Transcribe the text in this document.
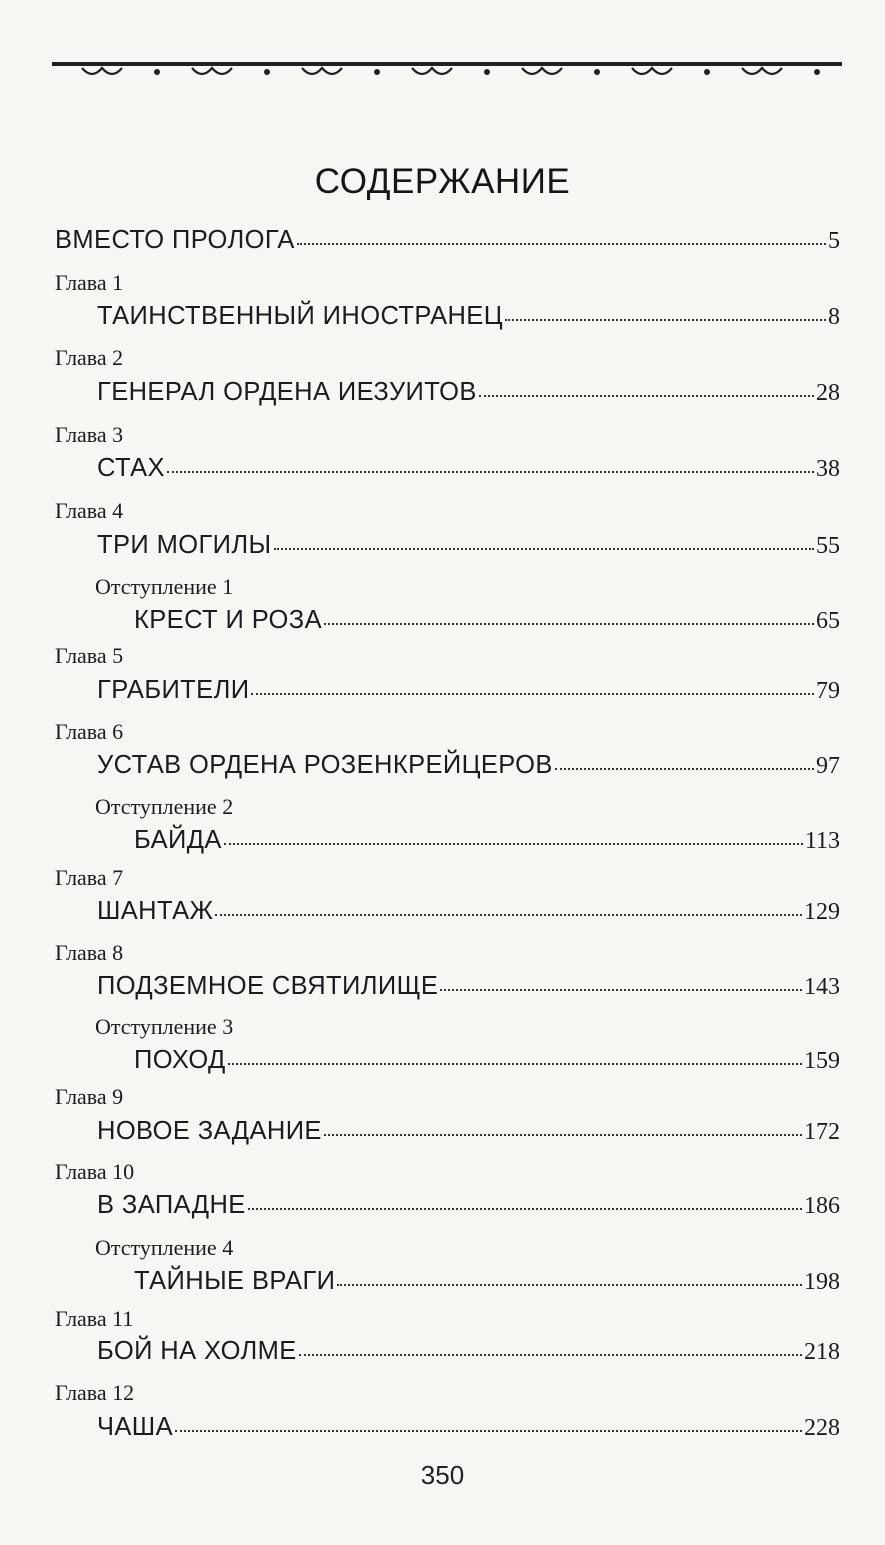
СОДЕРЖАНИЕ
ВМЕСТО ПРОЛОГА	5
Глава 1
ТАИНСТВЕННЫЙ ИНОСТРАНЕЦ	8
Глава 2
ГЕНЕРАЛ ОРДЕНА ИЕЗУИТОВ	28
Глава 3
СТАХ	38
Глава 4
ТРИ МОГИЛЫ	55
Отступление 1
КРЕСТ И РОЗА	65
Глава 5
ГРАБИТЕЛИ	79
Глава 6
УСТАВ ОРДЕНА РОЗЕНКРЕЙЦЕРОВ	97
Отступление 2
БАЙДА	113
Глава 7
ШАНТАЖ	129
Глава 8
ПОДЗЕМНОЕ СВЯТИЛИЩЕ	143
Отступление 3
ПОХОД	159
Глава 9
НОВОЕ ЗАДАНИЕ	172
Глава 10
В ЗАПАДНЕ	186
Отступление 4
ТАЙНЫЕ ВРАГИ	198
Глава 11
БОЙ НА ХОЛМЕ	218
Глава 12
ЧАША	228
350
